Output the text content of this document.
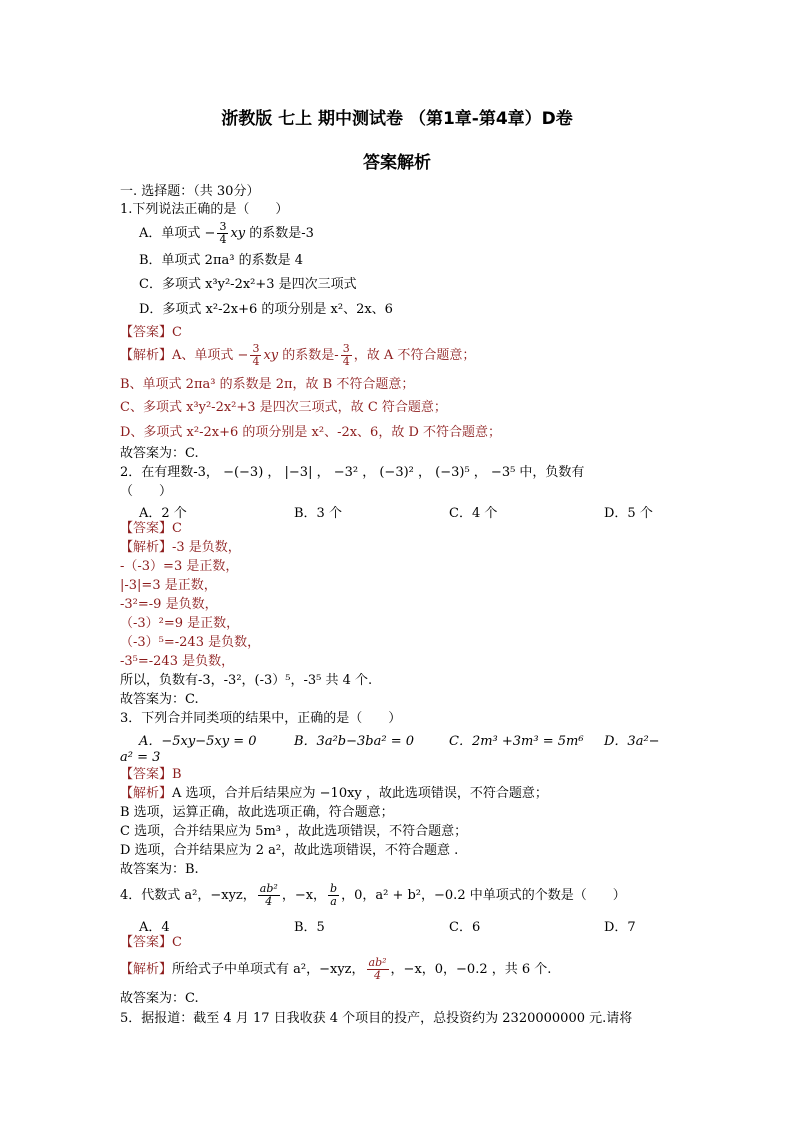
浙教版 七上 期中测试卷 （第1章-第4章）D卷
答案解析
一. 选择题：（共 30分）
1.下列说法正确的是（　　）
A．单项式 − $\frac{3}{4}$ xy 的系数是-3
B．单项式 2πa³ 的系数是 4
C．多项式 x³y²-2x²+3 是四次三项式
D．多项式 x²-2x+6 的项分别是 x²、2x、6
【答案】C
【解析】A、单项式 − $\frac{3}{4}$ xy 的系数是- $\frac{3}{4}$ ，故 A 不符合题意；
B、单项式 2πa³ 的系数是 2π，故 B 不符合题意；
C、多项式 x³y²-2x²+3 是四次三项式，故 C 符合题意；
D、多项式 x²-2x+6 的项分别是 x²、-2x、6，故 D 不符合题意；
故答案为：C.
2．在有理数-3， −(−3) ， |−3| ， −3² ， (−3)² ， (−3)⁵ ， −3⁵ 中，负数有
（　　）
A．2 个	B．3 个	C．4 个	D．5 个
【答案】C
【解析】-3 是负数，
-（-3）=3 是正数，
|-3|=3 是正数，
-3²=-9 是负数，
（-3）²=9 是正数，
（-3）⁵=-243 是负数，
-3⁵=-243 是负数，
所以，负数有-3，-3²，(-3）⁵，-3⁵ 共 4 个.
故答案为：C.
3．下列合并同类项的结果中，正确的是（　　）
A．−5xy−5xy = 0	B．3a²b−3ba² = 0	C．2m³ +3m³ = 5m⁶ D．3a²−
a² = 3
【答案】B
【解析】A 选项，合并后结果应为 −10xy ，故此选项错误，不符合题意；
B 选项，运算正确，故此选项正确，符合题意；
C 选项，合并结果应为 5m³ ，故此选项错误，不符合题意；
D 选项，合并结果应为 2 a²，故此选项错误，不符合题意 .
故答案为：B.
4．代数式 a²，−xyz， $\frac{\text{ab²}}{4}$ ，−x， $\frac{b}{a}$ ，0，a² + b²，−0.2 中单项式的个数是（　　）
A．4	B．5	C．6	D．7
【答案】C
【解析】所给式子中单项式有 a²，−xyz， $\frac{\text{ab²}}{4}$ ，−x，0，−0.2 ，共 6 个.
故答案为：C.
5．据报道：截至 4 月 17 日我收获 4 个项目的投产，总投资约为 2320000000 元.请将
